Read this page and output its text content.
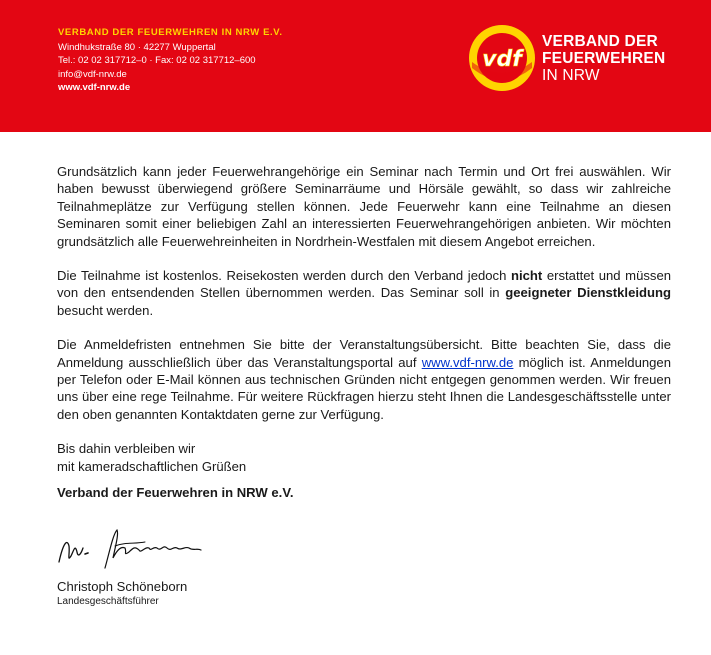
VERBAND DER FEUERWEHREN IN NRW E.V.
Windhukstraße 80 · 42277 Wuppertal
Tel.: 02 02 317712–0 · Fax: 02 02 317712–600
info@vdf-nrw.de
www.vdf-nrw.de
vdf
VERBAND DER
FEUERWEHREN
IN NRW

Grundsätzlich kann jeder Feuerwehrangehörige ein Seminar nach Termin und Ort frei auswählen. Wir haben bewusst überwiegend größere Seminarräume und Hörsäle gewählt, so dass wir zahlreiche Teilnahmeplätze zur Verfügung stellen können. Jede Feuerwehr kann eine Teilnahme an diesen Seminaren somit einer beliebigen Zahl an interessierten Feuerwehrangehörigen anbieten. Wir möchten grundsätzlich alle Feuerwehreinheiten in Nordrhein-Westfalen mit diesem Angebot erreichen.

Die Teilnahme ist kostenlos. Reisekosten werden durch den Verband jedoch nicht erstattet und müssen von den entsendenden Stellen übernommen werden. Das Seminar soll in geeigneter Dienstkleidung besucht werden.

Die Anmeldefristen entnehmen Sie bitte der Veranstaltungsübersicht. Bitte beachten Sie, dass die Anmeldung ausschließlich über das Veranstaltungsportal auf www.vdf-nrw.de möglich ist. Anmeldungen per Telefon oder E-Mail können aus technischen Gründen nicht entgegen genommen werden. Wir freuen uns über eine rege Teilnahme. Für weitere Rückfragen hierzu steht Ihnen die Landesgeschäftsstelle unter den oben genannten Kontaktdaten gerne zur Verfügung.

Bis dahin verbleiben wir
mit kameradschaftlichen Grüßen
Verband der Feuerwehren in NRW e.V.
Christoph Schöneborn
Landesgeschäftsführer
